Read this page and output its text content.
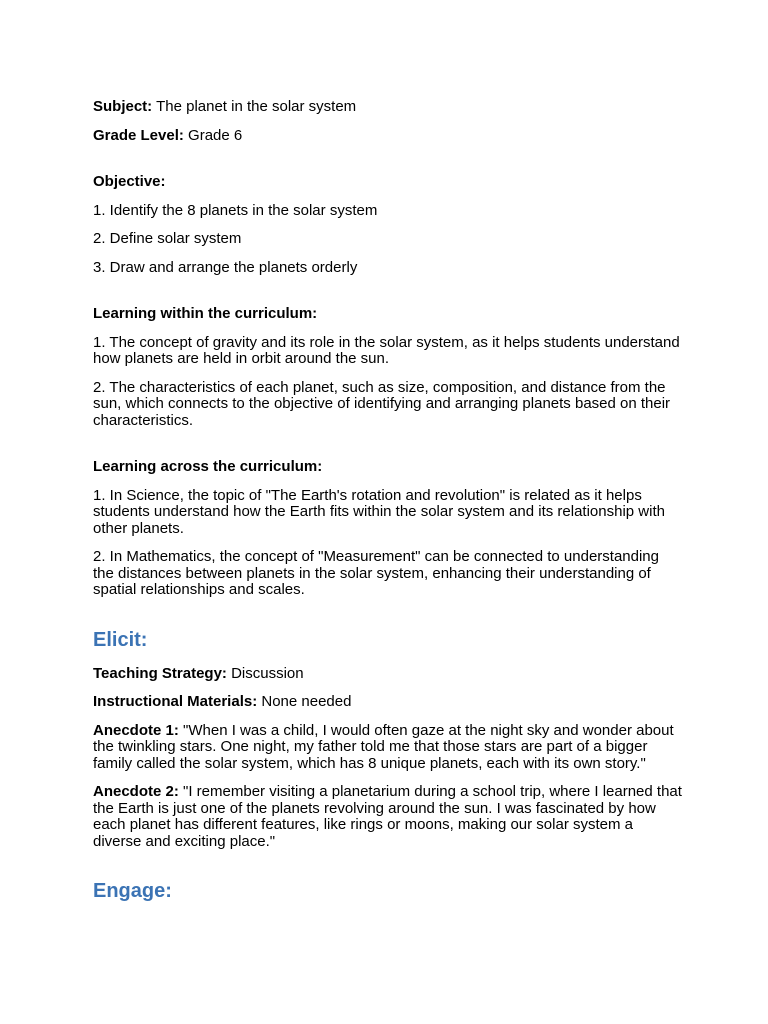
Subject: The planet in the solar system

Grade Level: Grade 6

Objective:

1. Identify the 8 planets in the solar system

2. Define solar system

3. Draw and arrange the planets orderly

Learning within the curriculum:

1. The concept of gravity and its role in the solar system, as it helps students understand how planets are held in orbit around the sun.

2. The characteristics of each planet, such as size, composition, and distance from the sun, which connects to the objective of identifying and arranging planets based on their characteristics.

Learning across the curriculum:

1. In Science, the topic of "The Earth's rotation and revolution" is related as it helps students understand how the Earth fits within the solar system and its relationship with other planets.

2. In Mathematics, the concept of "Measurement" can be connected to understanding the distances between planets in the solar system, enhancing their understanding of spatial relationships and scales.

Elicit:

Teaching Strategy: Discussion

Instructional Materials: None needed

Anecdote 1: "When I was a child, I would often gaze at the night sky and wonder about the twinkling stars. One night, my father told me that those stars are part of a bigger family called the solar system, which has 8 unique planets, each with its own story."

Anecdote 2: "I remember visiting a planetarium during a school trip, where I learned that the Earth is just one of the planets revolving around the sun. I was fascinated by how each planet has different features, like rings or moons, making our solar system a diverse and exciting place."

Engage:
